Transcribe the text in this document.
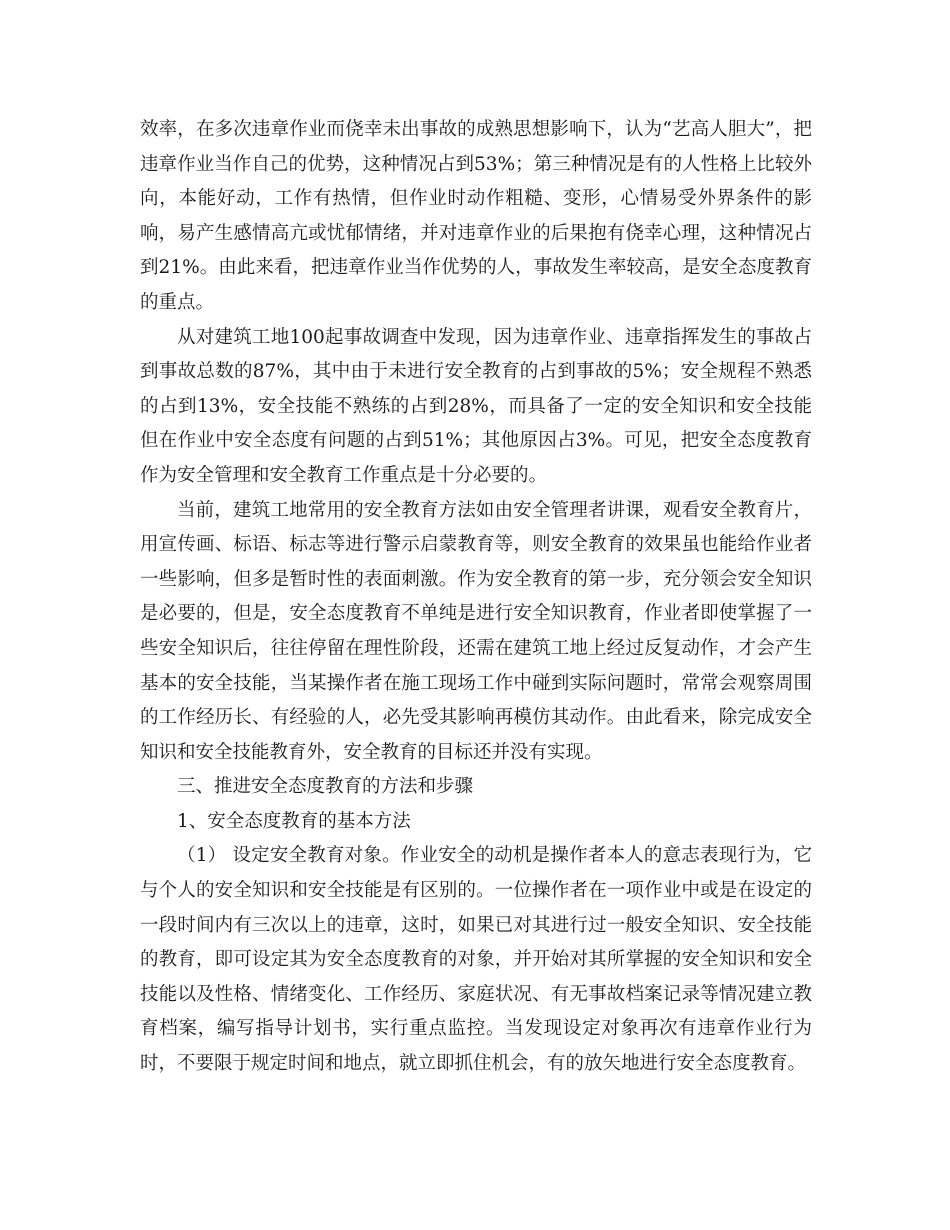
效率，在多次违章作业而侥幸未出事故的成熟思想影响下，认为“艺高人胆大”，把违章作业当作自己的优势，这种情况占到53%；第三种情况是有的人性格上比较外向，本能好动，工作有热情，但作业时动作粗糙、变形，心情易受外界条件的影响，易产生感情高亢或忧郁情绪，并对违章作业的后果抱有侥幸心理，这种情况占到21%。由此来看，把违章作业当作优势的人，事故发生率较高，是安全态度教育的重点。

从对建筑工地100起事故调查中发现，因为违章作业、违章指挥发生的事故占到事故总数的87%，其中由于未进行安全教育的占到事故的5%；安全规程不熟悉的占到13%，安全技能不熟练的占到28%，而具备了一定的安全知识和安全技能但在作业中安全态度有问题的占到51%；其他原因占3%。可见，把安全态度教育作为安全管理和安全教育工作重点是十分必要的。

当前，建筑工地常用的安全教育方法如由安全管理者讲课，观看安全教育片，用宣传画、标语、标志等进行警示启蒙教育等，则安全教育的效果虽也能给作业者一些影响，但多是暂时性的表面刺激。作为安全教育的第一步，充分领会安全知识是必要的，但是，安全态度教育不单纯是进行安全知识教育，作业者即使掌握了一些安全知识后，往往停留在理性阶段，还需在建筑工地上经过反复动作，才会产生基本的安全技能，当某操作者在施工现场工作中碰到实际问题时，常常会观察周围的工作经历长、有经验的人，必先受其影响再模仿其动作。由此看来，除完成安全知识和安全技能教育外，安全教育的目标还并没有实现。

三、推进安全态度教育的方法和步骤

1、安全态度教育的基本方法

（1） 设定安全教育对象。作业安全的动机是操作者本人的意志表现行为，它与个人的安全知识和安全技能是有区别的。一位操作者在一项作业中或是在设定的一段时间内有三次以上的违章，这时，如果已对其进行过一般安全知识、安全技能的教育，即可设定其为安全态度教育的对象，并开始对其所掌握的安全知识和安全技能以及性格、情绪变化、工作经历、家庭状况、有无事故档案记录等情况建立教育档案，编写指导计划书，实行重点监控。当发现设定对象再次有违章作业行为时，不要限于规定时间和地点，就立即抓住机会，有的放矢地进行安全态度教育。
